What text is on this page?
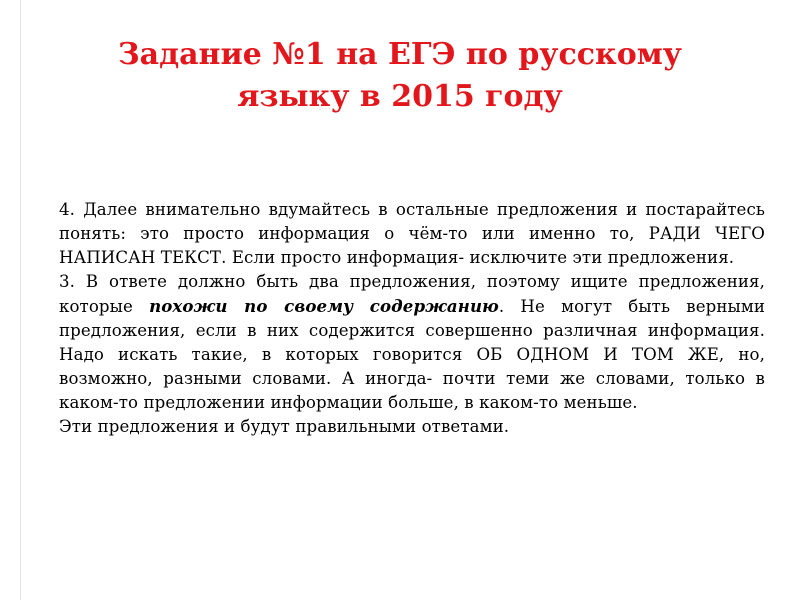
Задание №1 на ЕГЭ по русскому
языку в 2015 году

4. Далее внимательно вдумайтесь в остальные предложения и постарайтесь понять: это просто информация о чём-то или именно то, РАДИ ЧЕГО НАПИСАН ТЕКСТ. Если просто информация- исключите эти предложения.

3. В ответе должно быть два предложения, поэтому ищите предложения, которые похожи по своему содержанию. Не могут быть верными предложения, если в них содержится совершенно различная информация. Надо искать такие, в которых говорится ОБ ОДНОМ И ТОМ ЖЕ, но, возможно, разными словами. А иногда- почти теми же словами, только в каком-то предложении информации больше, в каком-то меньше.

Эти предложения и будут правильными ответами.
